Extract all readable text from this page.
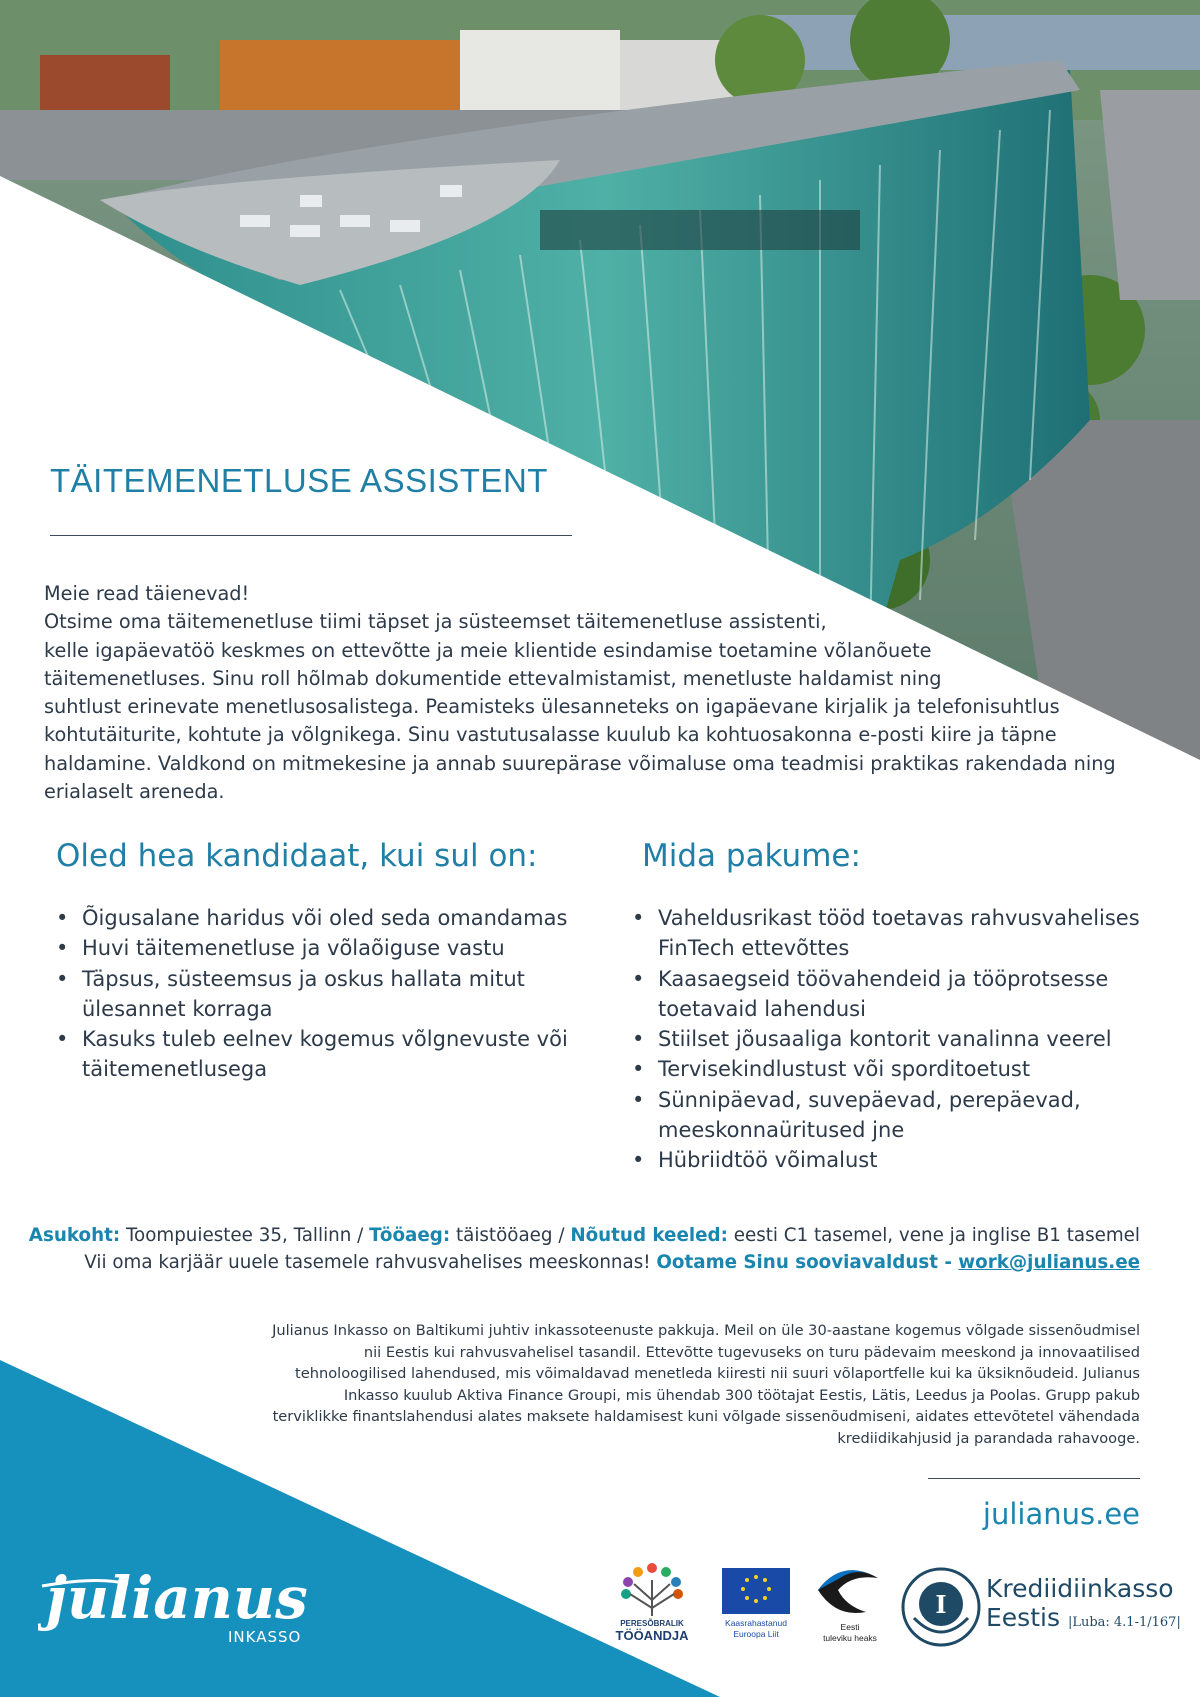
TÄITEMENETLUSE ASSISTENT

Meie read täienevad!

Otsime oma täitemenetluse tiimi täpset ja süsteemset täitemenetluse assistenti,

kelle igapäevatöö keskmes on ettevõtte ja meie klientide esindamise toetamine võlanõuete

täitemenetluses. Sinu roll hõlmab dokumentide ettevalmistamist, menetluste haldamist ning

suhtlust erinevate menetlusosalistega. Peamisteks ülesanneteks on igapäevane kirjalik ja telefonisuhtlus

kohtutäiturite, kohtute ja võlgnikega. Sinu vastutusalasse kuulub ka kohtuosakonna e-posti kiire ja täpne

haldamine. Valdkond on mitmekesine ja annab suurepärase võimaluse oma teadmisi praktikas rakendada ning

erialaselt areneda.

Oled hea kandidaat, kui sul on:
• Õigusalane haridus või oled seda omandamas
• Huvi täitemenetluse ja võlaõiguse vastu
• Täpsus, süsteemsus ja oskus hallata mitut ülesannet korraga
• Kasuks tuleb eelnev kogemus võlgnevuste või täitemenetlusega
Mida pakume:
• Vaheldusrikast tööd toetavas rahvusvahelises FinTech ettevõttes
• Kaasaegseid töövahendeid ja tööprotsesse toetavaid lahendusi
• Stiilset jõusaaliga kontorit vanalinna veerel
• Tervisekindlustust või sporditoetust
• Sünnipäevad, suvepäevad, perepäevad, meeskonnaüritused jne
• Hübriidtöö võimalust
Asukoht: Toompuiestee 35, Tallinn / Tööaeg: täistööaeg / Nõutud keeled: eesti C1 tasemel, vene ja inglise B1 tasemel
Vii oma karjäär uuele tasemele rahvusvahelises meeskonnas! Ootame Sinu sooviavaldust - work@julianus.ee
Julianus Inkasso on Baltikumi juhtiv inkassoteenuste pakkuja. Meil on üle 30-aastane kogemus võlgade sissenõudmisel
nii Eestis kui rahvusvahelisel tasandil. Ettevõtte tugevuseks on turu pädevaim meeskond ja innovaatilised
tehnoloogilised lahendused, mis võimaldavad menetleda kiiresti nii suuri võlaportfelle kui ka üksiknõudeid. Julianus
Inkasso kuulub Aktiva Finance Groupi, mis ühendab 300 töötajat Eestis, Lätis, Leedus ja Poolas. Grupp pakub
terviklikke finantslahendusi alates maksete haldamisest kuni võlgade sissenõudmiseni, aidates ettevõtetel vähendada
krediidikahjusid ja parandada rahavooge.
julianus.ee
julianus
INKASSO
PERESÕBRALIK
TÖÖANDJA
Kaasrahastanud
Euroopa Liit
Eesti
tuleviku heaks
I
Krediidiinkasso
Eestis |Luba: 4.1-1/167|
